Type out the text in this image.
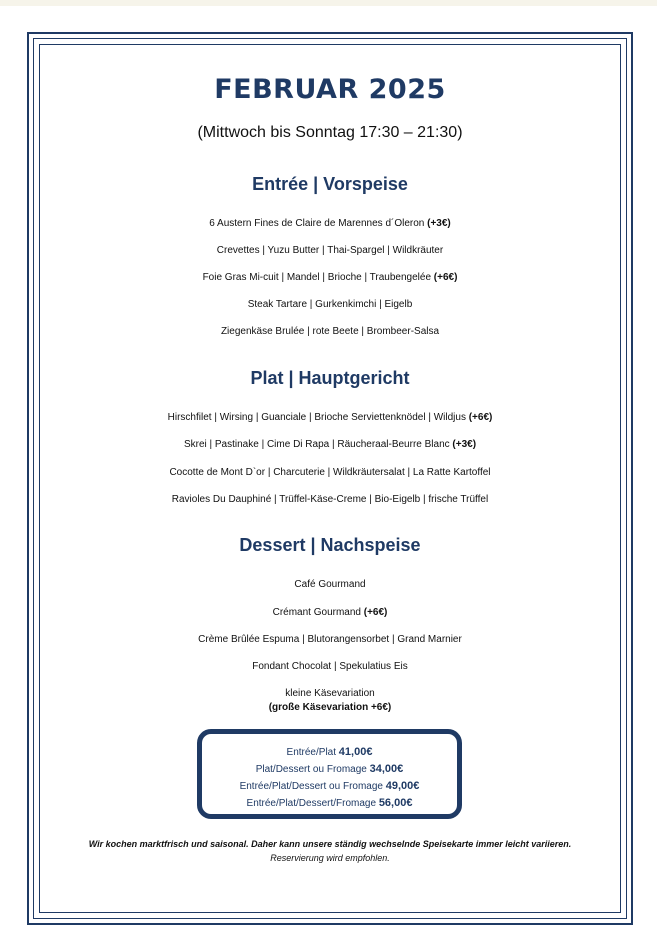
FEBRUAR 2025
(Mittwoch bis Sonntag 17:30 – 21:30)
Entrée | Vorspeise
6 Austern Fines de Claire de Marennes d´Oleron (+3€)
Crevettes | Yuzu Butter | Thai-Spargel | Wildkräuter
Foie Gras Mi-cuit | Mandel | Brioche | Traubengelée (+6€)
Steak Tartare | Gurkenkimchi | Eigelb
Ziegenkäse Brulée | rote Beete | Brombeer-Salsa
Plat | Hauptgericht
Hirschfilet | Wirsing | Guanciale | Brioche Serviettenknödel | Wildjus (+6€)
Skrei | Pastinake | Cime Di Rapa | Räucheraal-Beurre Blanc (+3€)
Cocotte de Mont D`or | Charcuterie | Wildkräutersalat | La Ratte Kartoffel
Ravioles Du Dauphiné | Trüffel-Käse-Creme | Bio-Eigelb | frische Trüffel
Dessert | Nachspeise
Café Gourmand
Crémant Gourmand (+6€)
Crème Brûlée Espuma | Blutorangensorbet | Grand Marnier
Fondant Chocolat | Spekulatius Eis
kleine Käsevariation
(große Käsevariation +6€)
Entrée/Plat 41,00€
Plat/Dessert ou Fromage 34,00€
Entrée/Plat/Dessert ou Fromage 49,00€
Entrée/Plat/Dessert/Fromage 56,00€
Wir kochen marktfrisch und saisonal. Daher kann unsere ständig wechselnde Speisekarte immer leicht variieren.
Reservierung wird empfohlen.
